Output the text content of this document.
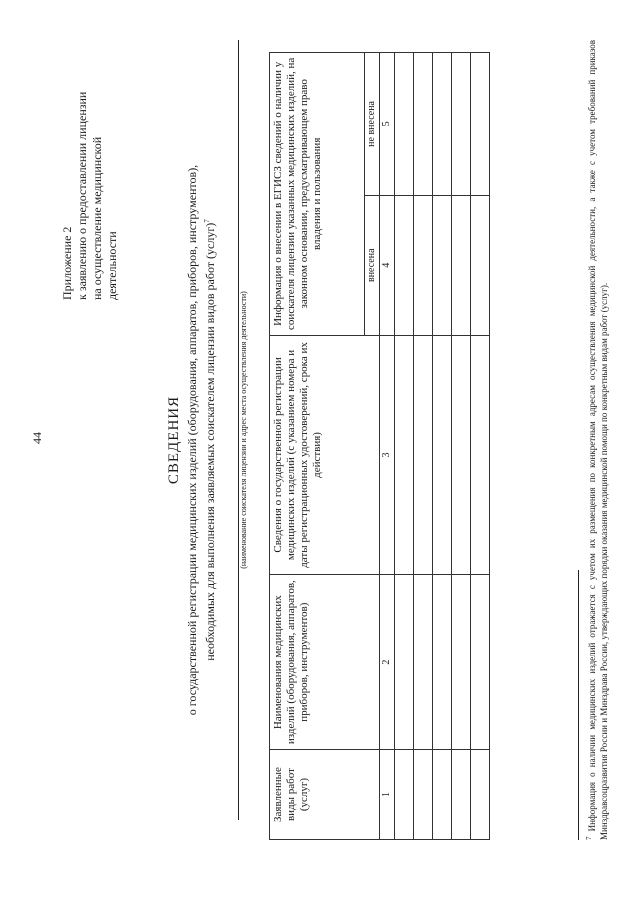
44
Приложение 2 к заявлению о предоставлении лицензии на осуществление медицинской деятельности
СВЕДЕНИЯ о государственной регистрации медицинских изделий (оборудования, аппаратов, приборов, инструментов), необходимых для выполнения заявляемых соискателем лицензии видов работ (услуг)$^7$
(наименование соискателя лицензии и адрес места осуществления деятельности)
Заявленные виды работ (услуг)	Наименования медицинских изделий (оборудования, аппаратов, приборов, инструментов)	Сведения о государственной регистрации медицинских изделий (с указанием номера и даты регистрационных удостоверений, срока их действия)	Информация о внесении в ЕГИСЗ сведений о наличии у соискателя лицензии указанных медицинских изделий, на законном основании, предусматривающем право владения и пользования	
			внесена	не внесена
1	2	3	4	5

$^7$ Информация о наличии медицинских изделий отражается с учетом их размещения по конкретным адресам осуществления медицинской деятельности, а также с учетом требований приказов Минздравсоцразвития России и Минздрава России, утверждающих порядки оказания медицинской помощи по конкретным видам работ (услуг).
